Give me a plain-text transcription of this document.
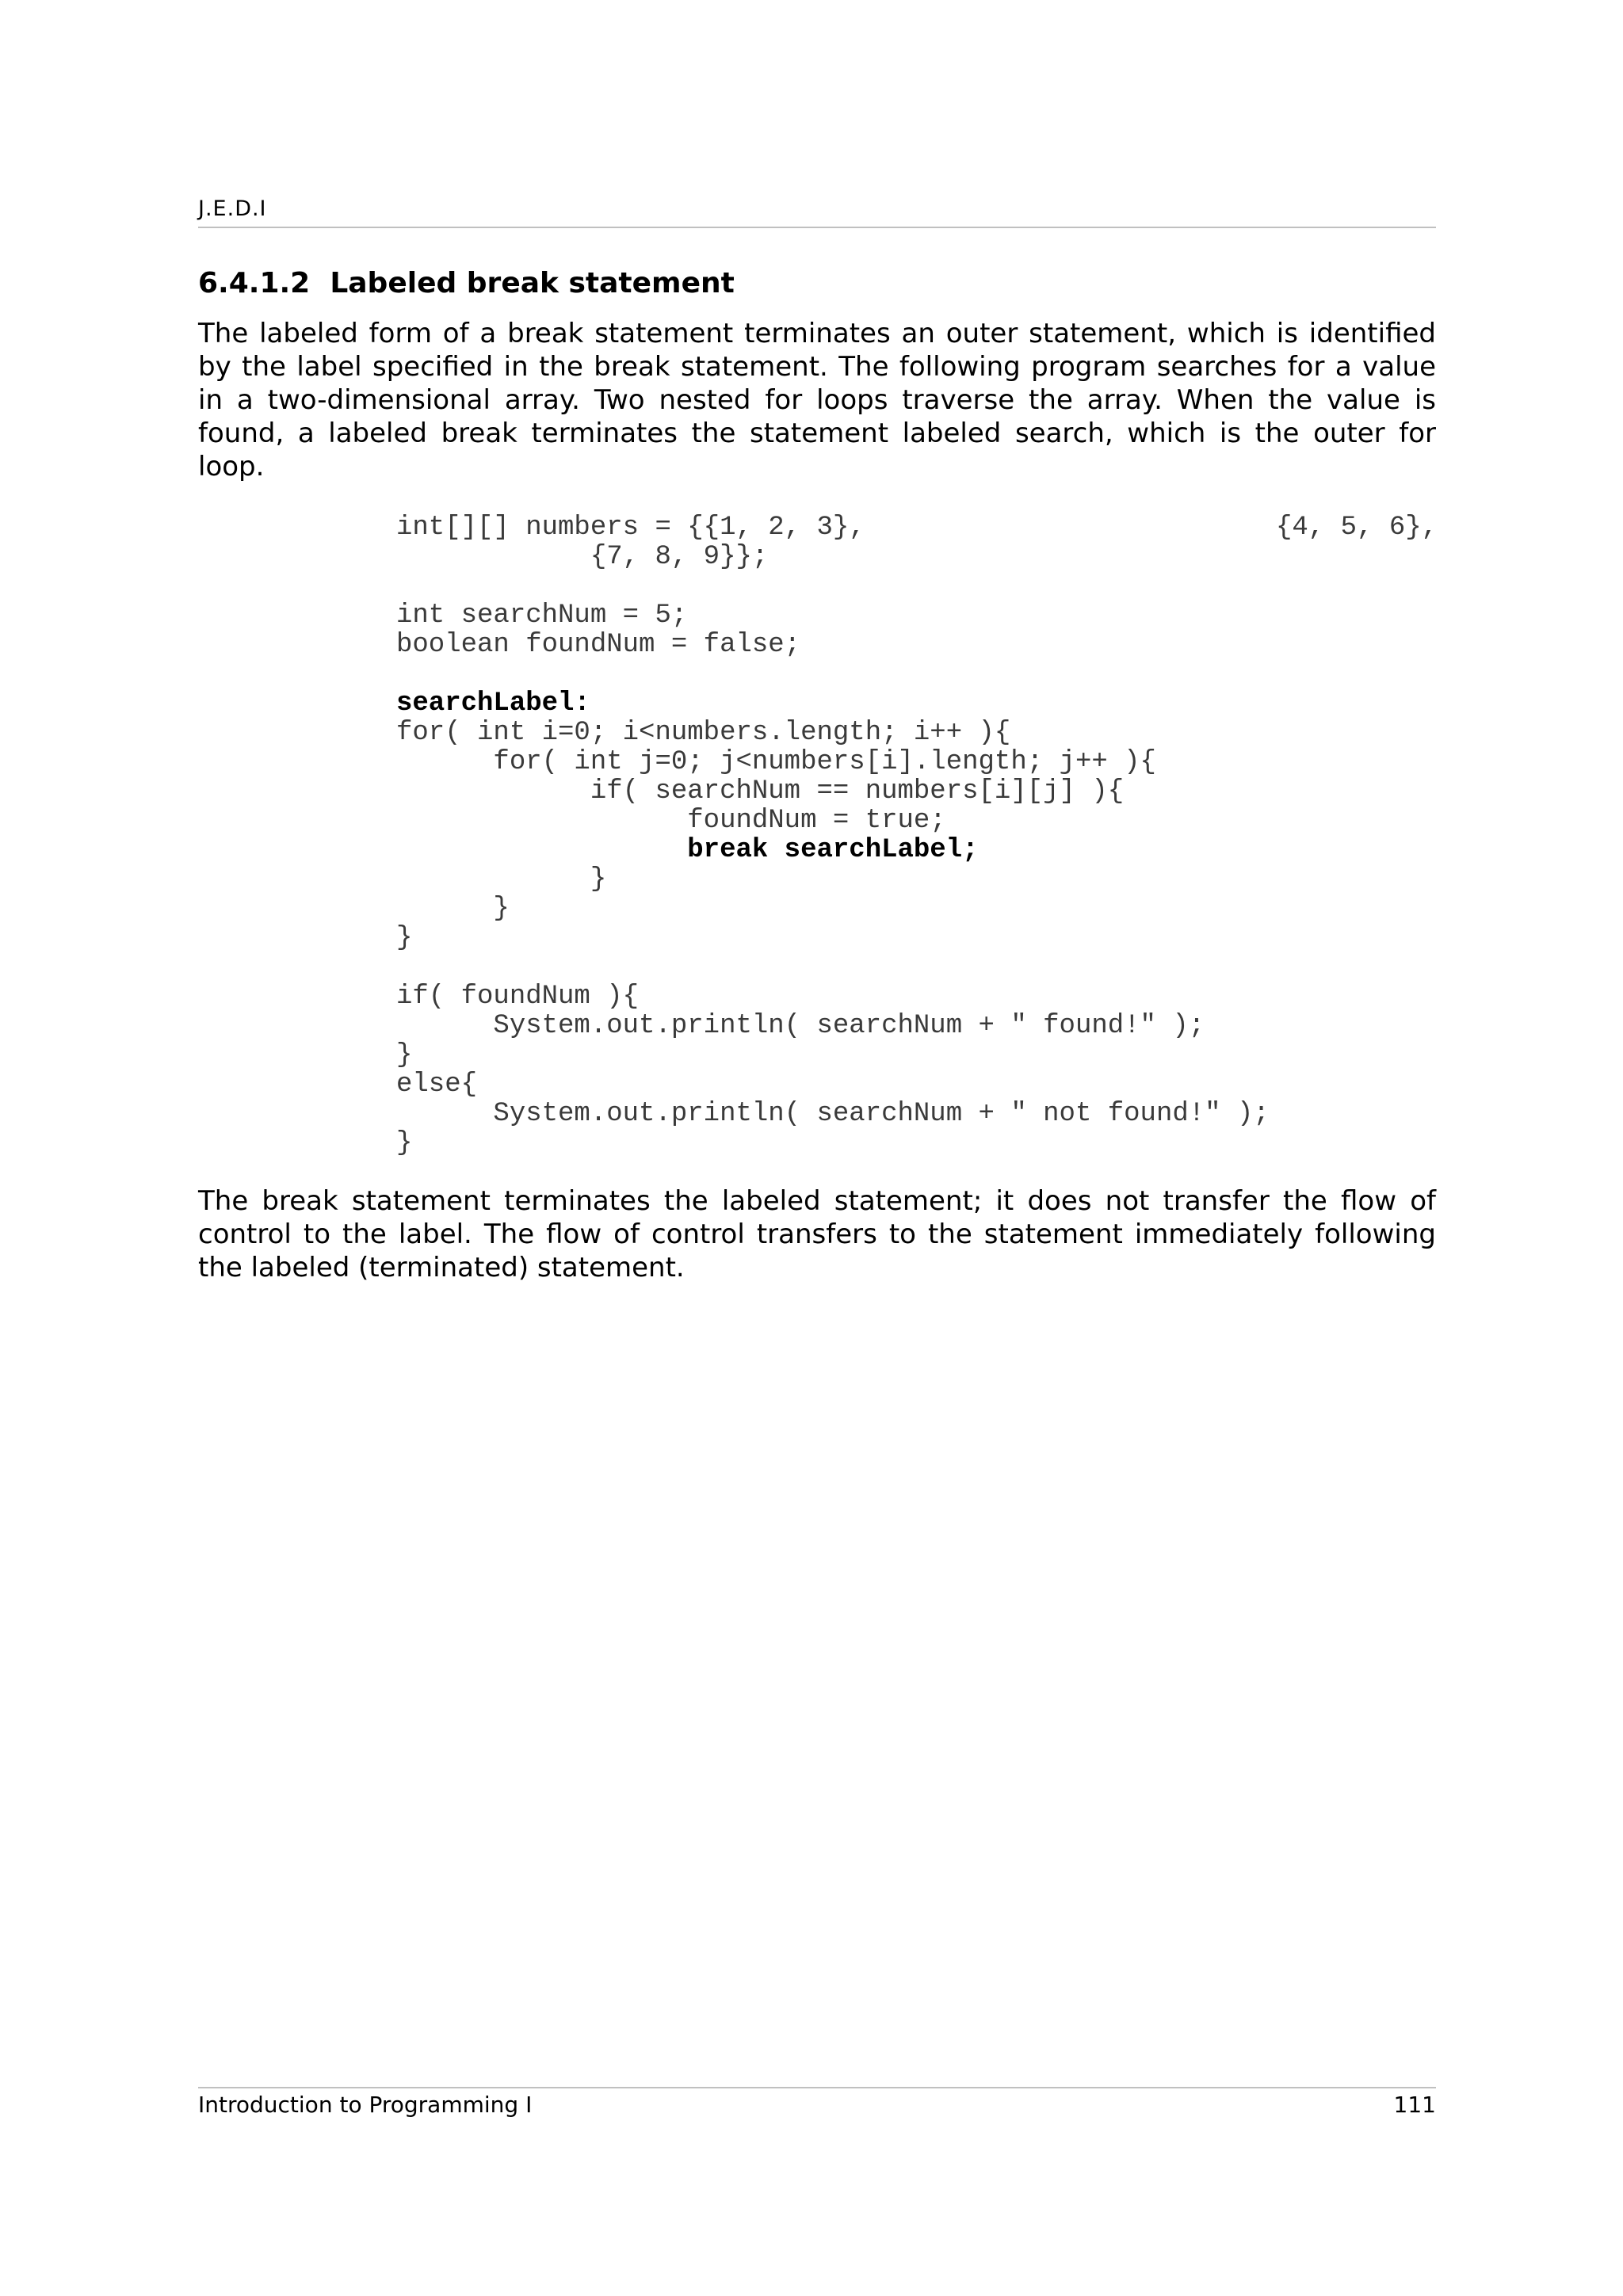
J.E.D.I
6.4.1.2 Labeled break statement
The labeled form of a break statement terminates an outer statement, which is identified by the label specified in the break statement. The following program searches for a value in a two-dimensional array. Two nested for loops traverse the array. When the value is found, a labeled break terminates the statement labeled search, which is the outer for loop.
int[][] numbers = {{1, 2, 3},	{4, 5, 6},
{7, 8, 9}};
int searchNum = 5;
boolean foundNum = false;
searchLabel:
for( int i=0; i<numbers.length; i++ ){
for( int j=0; j<numbers[i].length; j++ ){
if( searchNum == numbers[i][j] ){
foundNum = true;
break searchLabel;
}
}
}
if( foundNum ){
System.out.println( searchNum + " found!" );
}
else{
System.out.println( searchNum + " not found!" );
}
The break statement terminates the labeled statement; it does not transfer the flow of control to the label. The flow of control transfers to the statement immediately following the labeled (terminated) statement.
Introduction to Programming I	111
